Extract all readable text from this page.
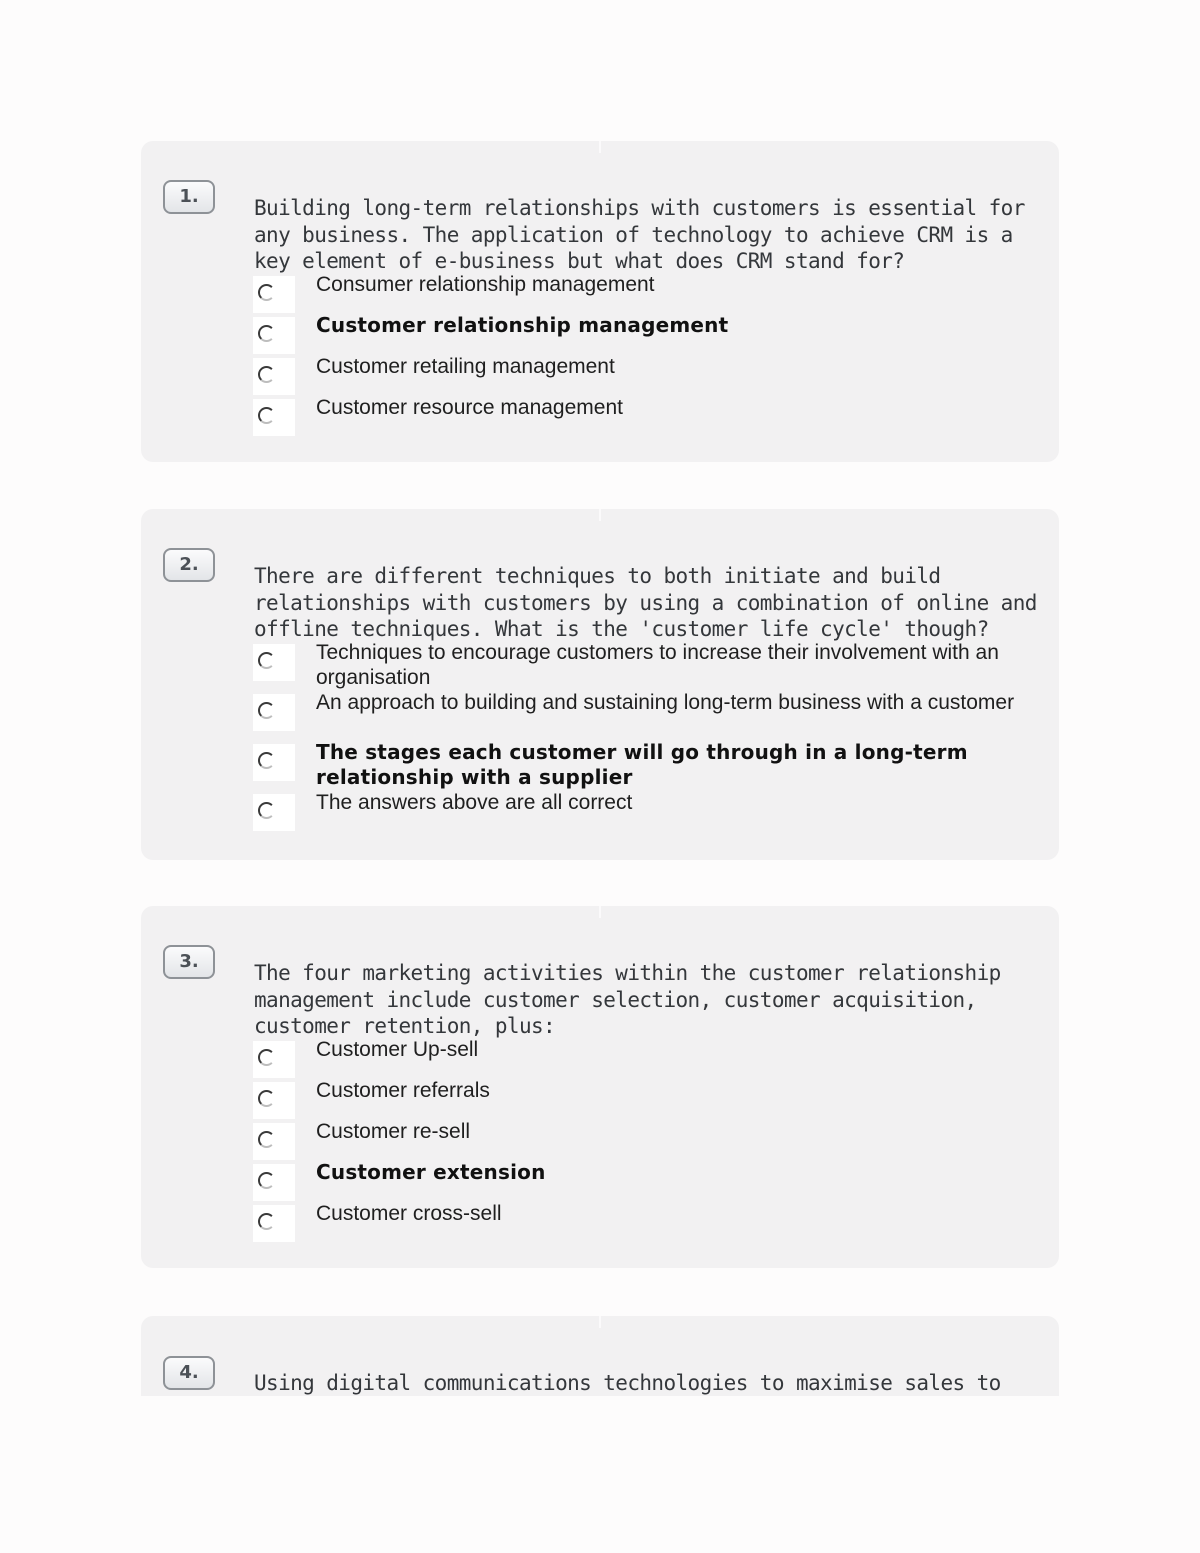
1.	Building long-term relationships with customers is essential for any business. The application of technology to achieve CRM is a key element of e-business but what does CRM stand for?
Consumer relationship management
Customer relationship management
Customer retailing management
Customer resource management
2.	There are different techniques to both initiate and build relationships with customers by using a combination of online and offline techniques. What is the 'customer life cycle' though?
Techniques to encourage customers to increase their involvement with an organisation
An approach to building and sustaining long-term business with a customer
The stages each customer will go through in a long-term relationship with a supplier
The answers above are all correct
3.	The four marketing activities within the customer relationship management include customer selection, customer acquisition, customer retention, plus:
Customer Up-sell
Customer referrals
Customer re-sell
Customer extension
Customer cross-sell
4.	Using digital communications technologies to maximise sales to
